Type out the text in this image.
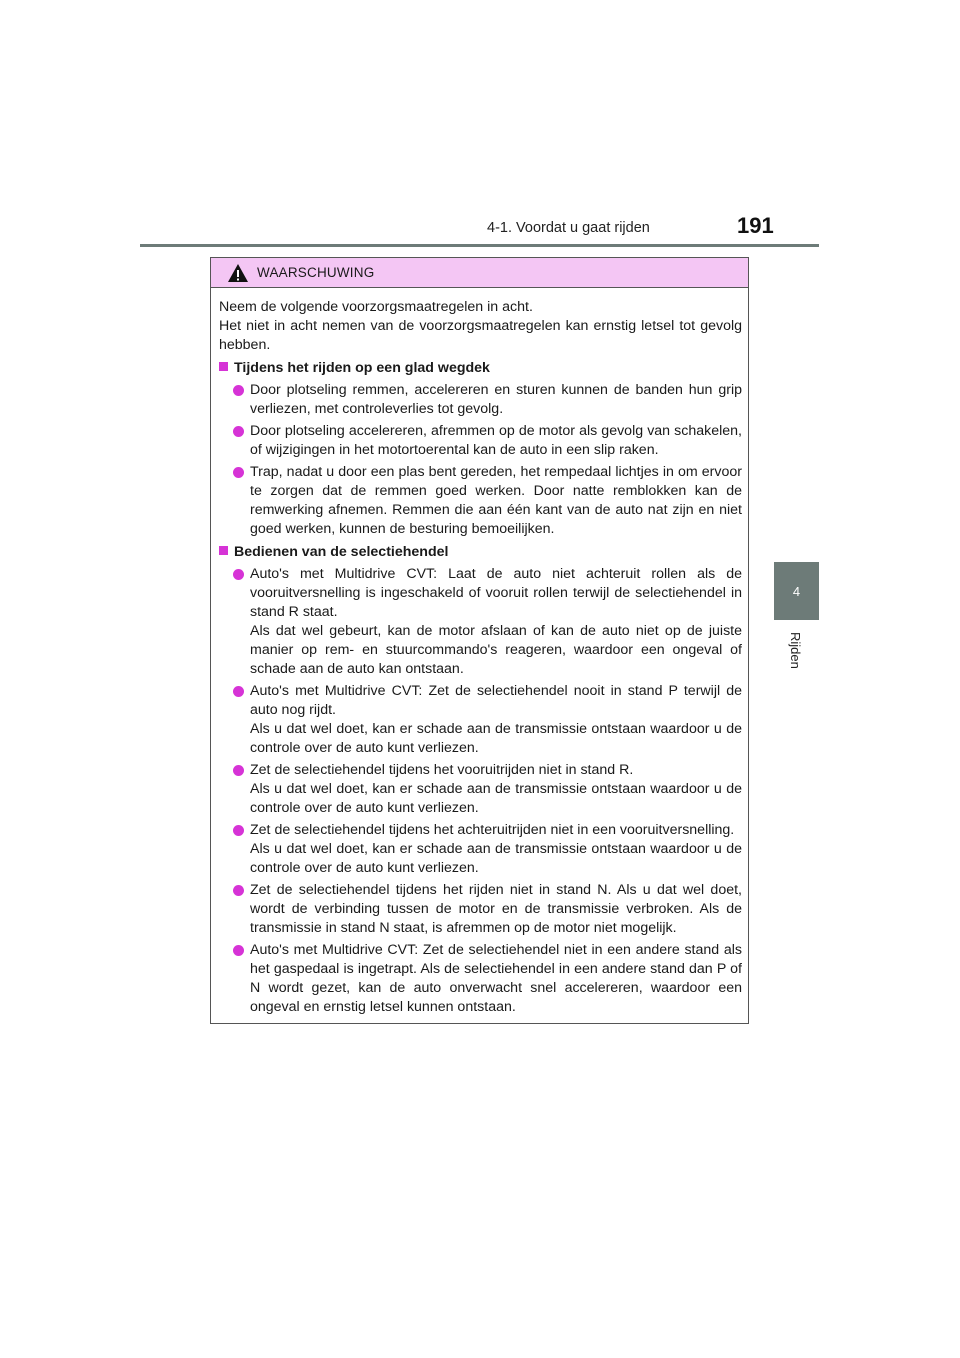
4-1. Voordat u gaat rijden	191
4
Rijden
WAARSCHUWING

Neem de volgende voorzorgsmaatregelen in acht.

Het niet in acht nemen van de voorzorgsmaatregelen kan ernstig letsel tot gevolg hebben.

Tijdens het rijden op een glad wegdek

Door plotseling remmen, accelereren en sturen kunnen de banden hun grip verliezen, met controleverlies tot gevolg.

Door plotseling accelereren, afremmen op de motor als gevolg van schakelen, of wijzigingen in het motortoerental kan de auto in een slip raken.

Trap, nadat u door een plas bent gereden, het rempedaal lichtjes in om ervoor te zorgen dat de remmen goed werken. Door natte remblokken kan de remwerking afnemen. Remmen die aan één kant van de auto nat zijn en niet goed werken, kunnen de besturing bemoeilijken.

Bedienen van de selectiehendel

Auto's met Multidrive CVT: Laat de auto niet achteruit rollen als de vooruitversnelling is ingeschakeld of vooruit rollen terwijl de selectiehendel in stand R staat.

Als dat wel gebeurt, kan de motor afslaan of kan de auto niet op de juiste manier op rem- en stuurcommando's reageren, waardoor een ongeval of schade aan de auto kan ontstaan.

Auto's met Multidrive CVT: Zet de selectiehendel nooit in stand P terwijl de auto nog rijdt.

Als u dat wel doet, kan er schade aan de transmissie ontstaan waardoor u de controle over de auto kunt verliezen.

Zet de selectiehendel tijdens het vooruitrijden niet in stand R.

Als u dat wel doet, kan er schade aan de transmissie ontstaan waardoor u de controle over de auto kunt verliezen.

Zet de selectiehendel tijdens het achteruitrijden niet in een vooruitversnelling.

Als u dat wel doet, kan er schade aan de transmissie ontstaan waardoor u de controle over de auto kunt verliezen.

Zet de selectiehendel tijdens het rijden niet in stand N. Als u dat wel doet, wordt de verbinding tussen de motor en de transmissie verbroken. Als de transmissie in stand N staat, is afremmen op de motor niet mogelijk.

Auto's met Multidrive CVT: Zet de selectiehendel niet in een andere stand als het gaspedaal is ingetrapt. Als de selectiehendel in een andere stand dan P of N wordt gezet, kan de auto onverwacht snel accelereren, waardoor een ongeval en ernstig letsel kunnen ontstaan.
